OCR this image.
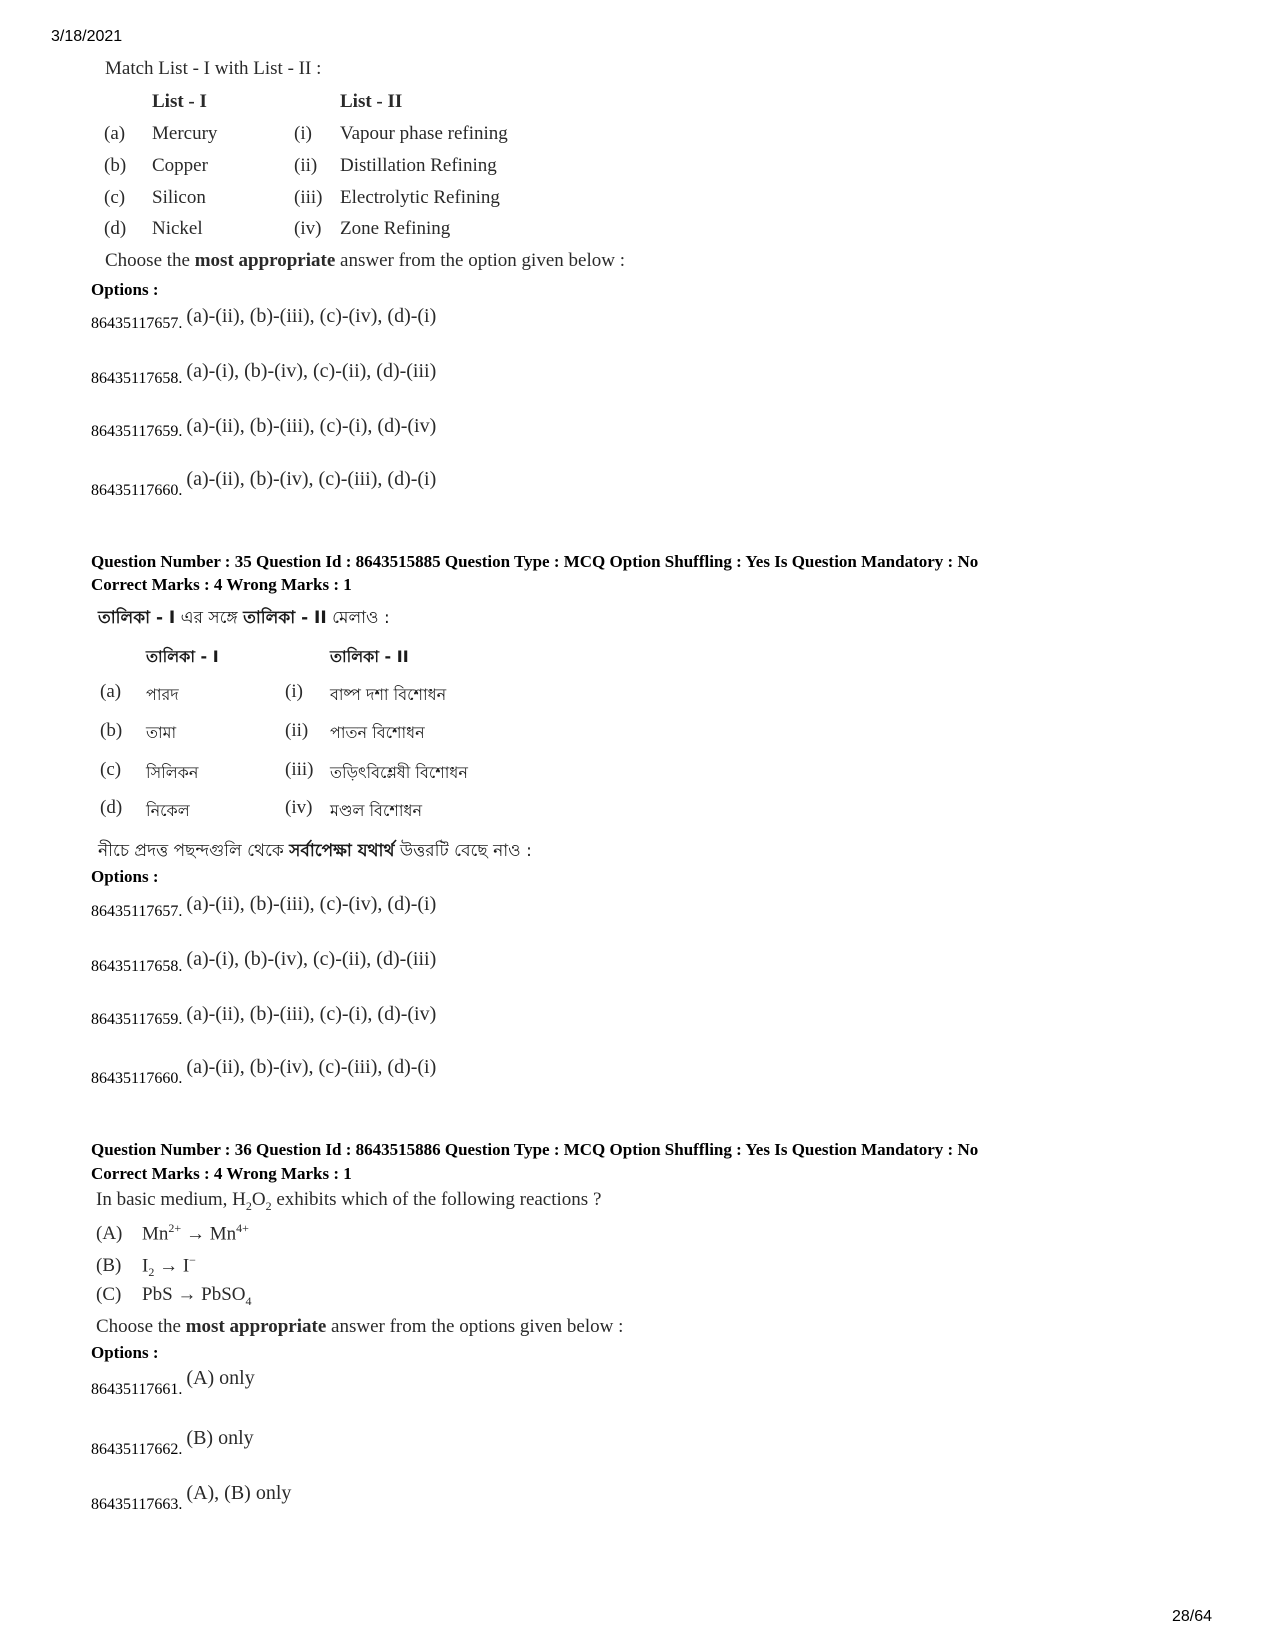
3/18/2021
28/64
Match List - I with List - II :
List - I	List - II
(a) Mercury	(i) Vapour phase refining
(b) Copper	(ii) Distillation Refining
(c) Silicon	(iii) Electrolytic Refining
(d) Nickel	(iv) Zone Refining
Choose the most appropriate answer from the option given below :
Options :
86435117657. (a)-(ii), (b)-(iii), (c)-(iv), (d)-(i)
86435117658. (a)-(i), (b)-(iv), (c)-(ii), (d)-(iii)
86435117659. (a)-(ii), (b)-(iii), (c)-(i), (d)-(iv)
86435117660. (a)-(ii), (b)-(iv), (c)-(iii), (d)-(i)
Question Number : 35 Question Id : 8643515885 Question Type : MCQ Option Shuffling : Yes Is Question Mandatory : No
Correct Marks : 4 Wrong Marks : 1
তালিকা - I এর সঙ্গে তালিকা - II মেলাও :
তালিকা - I	তালিকা - II
(a) পারদ	(i) বাষ্প দশা বিশোধন
(b) তামা	(ii) পাতন বিশোধন
(c) সিলিকন	(iii) তড়িৎবিশ্লেষী বিশোধন
(d) নিকেল	(iv) মণ্ডল বিশোধন
নীচে প্রদত্ত পছন্দগুলি থেকে সর্বাপেক্ষা যথার্থ উত্তরটি বেছে নাও :
Options :
86435117657. (a)-(ii), (b)-(iii), (c)-(iv), (d)-(i)
86435117658. (a)-(i), (b)-(iv), (c)-(ii), (d)-(iii)
86435117659. (a)-(ii), (b)-(iii), (c)-(i), (d)-(iv)
86435117660. (a)-(ii), (b)-(iv), (c)-(iii), (d)-(i)
Question Number : 36 Question Id : 8643515886 Question Type : MCQ Option Shuffling : Yes Is Question Mandatory : No
Correct Marks : 4 Wrong Marks : 1
In basic medium, $H_2O_2$ exhibits which of the following reactions ?
(A) $Mn^{2+} \to Mn^{4+}$
(B) $I_2 \to I^-$
(C) PbS → PbSO$_4$
Choose the most appropriate answer from the options given below :
Options :
86435117661. (A) only
86435117662. (B) only
86435117663. (A), (B) only
